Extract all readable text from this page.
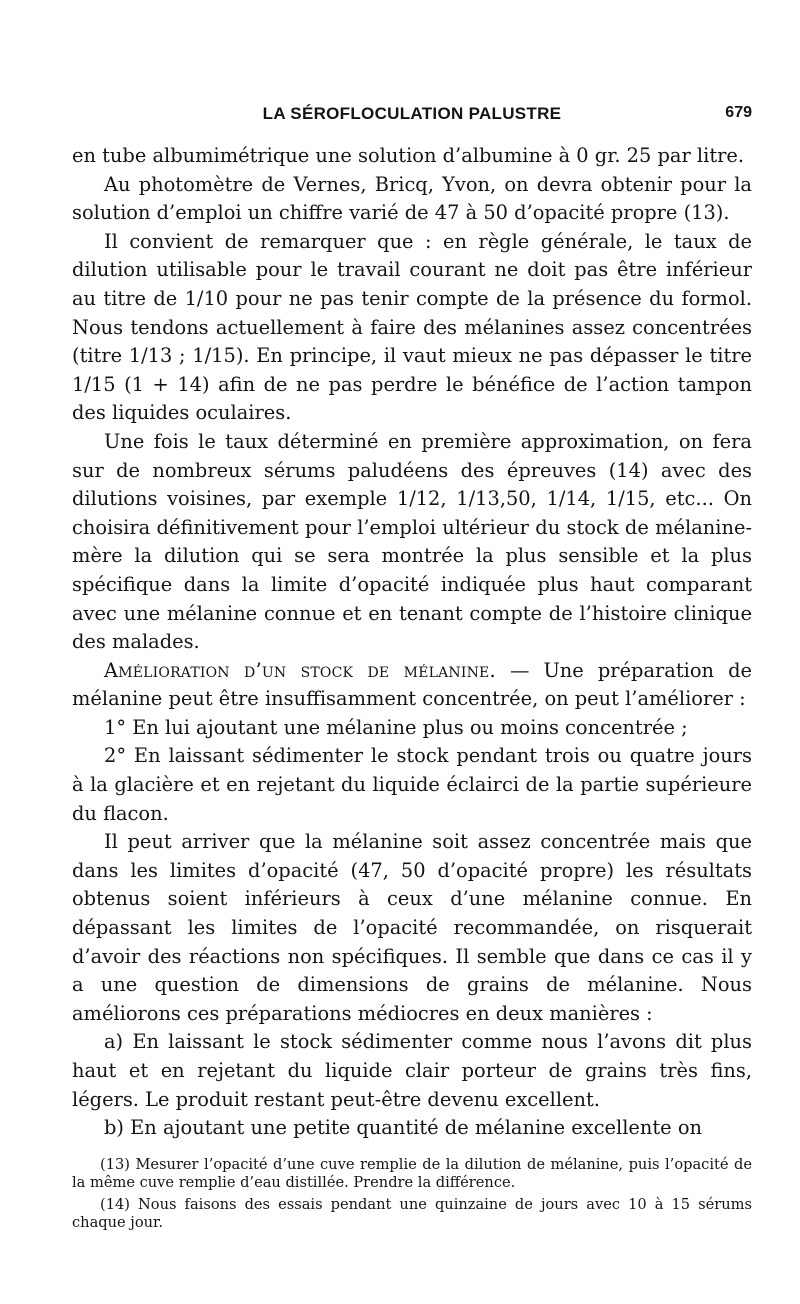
LA SÉROFLOCULATION PALUSTRE	679

en tube albumimétrique une solution d’albumine à 0 gr. 25 par litre.

Au photomètre de Vernes, Bricq, Yvon, on devra obtenir pour la solution d’emploi un chiffre varié de 47 à 50 d’opacité propre (13).

Il convient de remarquer que : en règle générale, le taux de dilution utilisable pour le travail courant ne doit pas être inférieur au titre de 1/10 pour ne pas tenir compte de la présence du formol. Nous tendons actuellement à faire des mélanines assez concentrées (titre 1/13 ; 1/15). En principe, il vaut mieux ne pas dépasser le titre 1/15 (1 + 14) afin de ne pas perdre le bénéfice de l’action tampon des liquides oculaires.

Une fois le taux déterminé en première approximation, on fera sur de nombreux sérums paludéens des épreuves (14) avec des dilutions voisines, par exemple 1/12, 1/13,50, 1/14, 1/15, etc... On choisira définitivement pour l’emploi ultérieur du stock de mélanine-mère la dilution qui se sera montrée la plus sensible et la plus spécifique dans la limite d’opacité indiquée plus haut comparant avec une mélanine connue et en tenant compte de l’histoire clinique des malades.

Amélioration d’un stock de mélanine. — Une préparation de mélanine peut être insuffisamment concentrée, on peut l’améliorer :

1° En lui ajoutant une mélanine plus ou moins concentrée ;

2° En laissant sédimenter le stock pendant trois ou quatre jours à la glacière et en rejetant du liquide éclairci de la partie supérieure du flacon.

Il peut arriver que la mélanine soit assez concentrée mais que dans les limites d’opacité (47, 50 d’opacité propre) les résultats obtenus soient inférieurs à ceux d’une mélanine connue. En dépassant les limites de l’opacité recommandée, on risquerait d’avoir des réactions non spécifiques. Il semble que dans ce cas il y a une question de dimensions de grains de mélanine. Nous améliorons ces préparations médiocres en deux manières :

a) En laissant le stock sédimenter comme nous l’avons dit plus haut et en rejetant du liquide clair porteur de grains très fins, légers. Le produit restant peut-être devenu excellent.

b) En ajoutant une petite quantité de mélanine excellente on

(13) Mesurer l’opacité d’une cuve remplie de la dilution de mélanine, puis l’opacité de la même cuve remplie d’eau distillée. Prendre la différence.

(14) Nous faisons des essais pendant une quinzaine de jours avec 10 à 15 sérums chaque jour.
